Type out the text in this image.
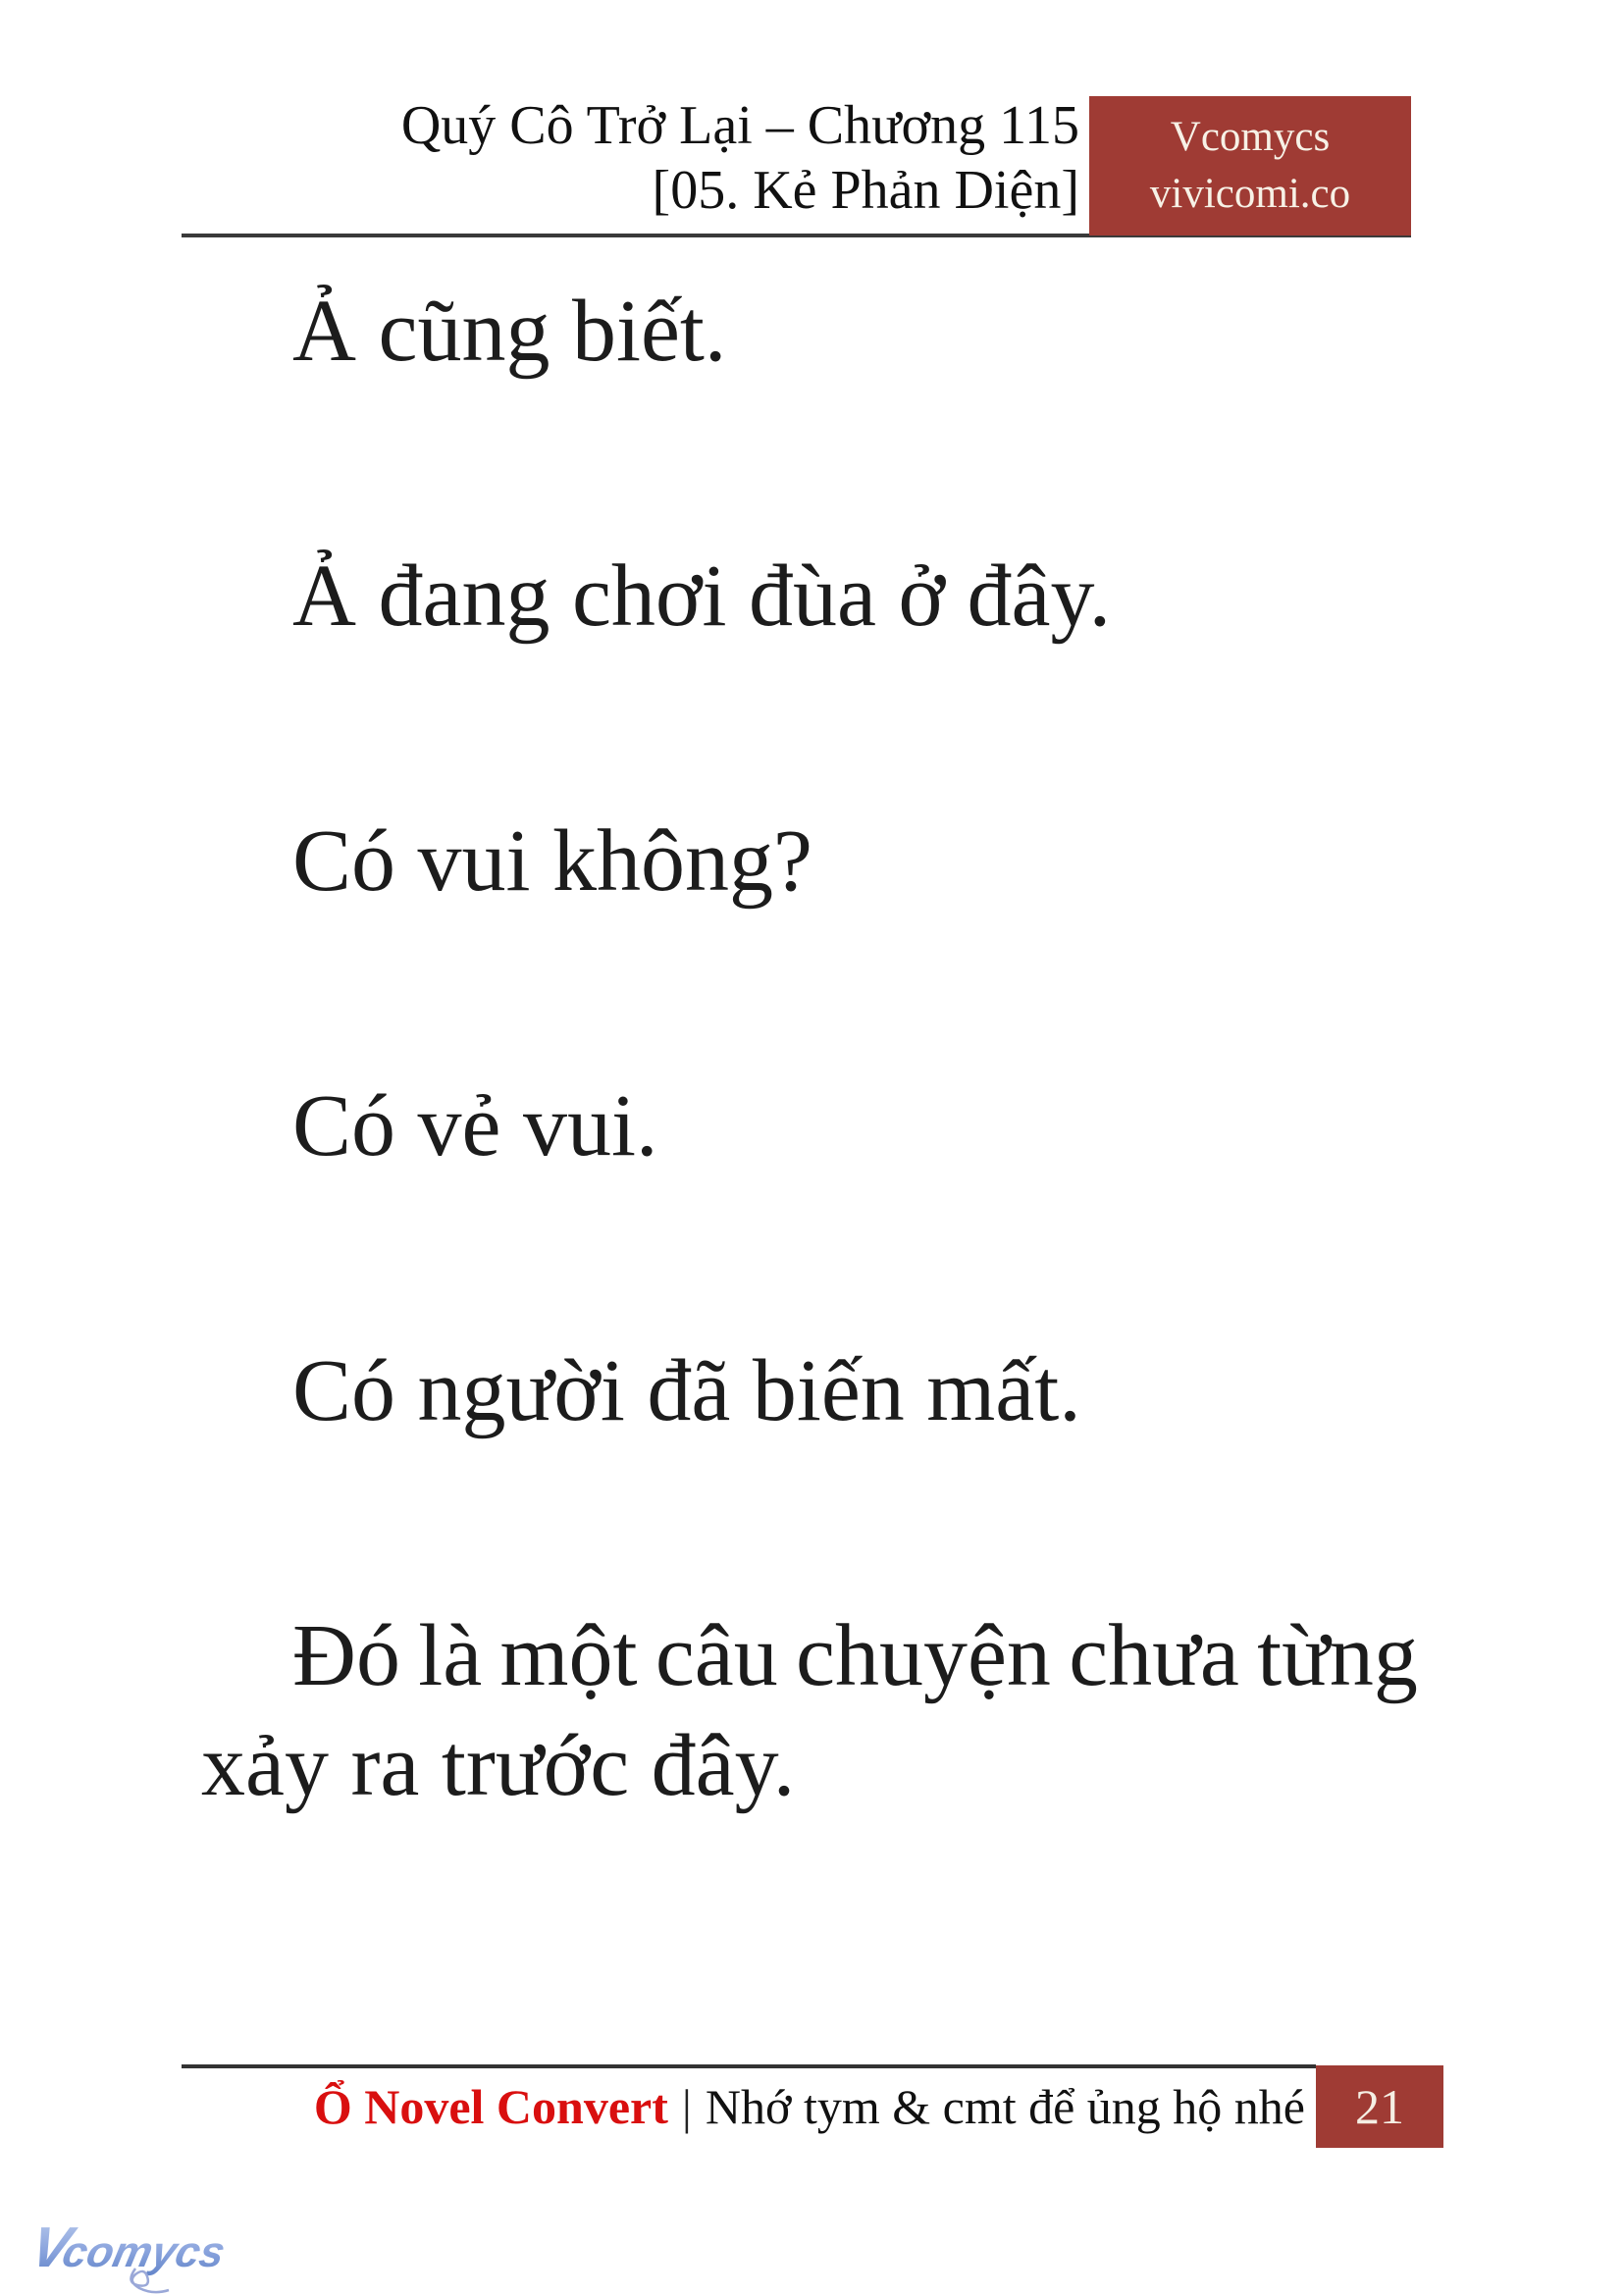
Quý Cô Trở Lại – Chương 115
[05. Kẻ Phản Diện]
Vcomycs
vivicomi.co

Ả cũng biết.

Ả đang chơi đùa ở đây.

Có vui không?

Có vẻ vui.

Có người đã biến mất.

Đó là một câu chuyện chưa từng
xảy ra trước đây.
Ổ Novel Convert | Nhớ tym & cmt để ủng hộ nhé	21
Vcomycs
